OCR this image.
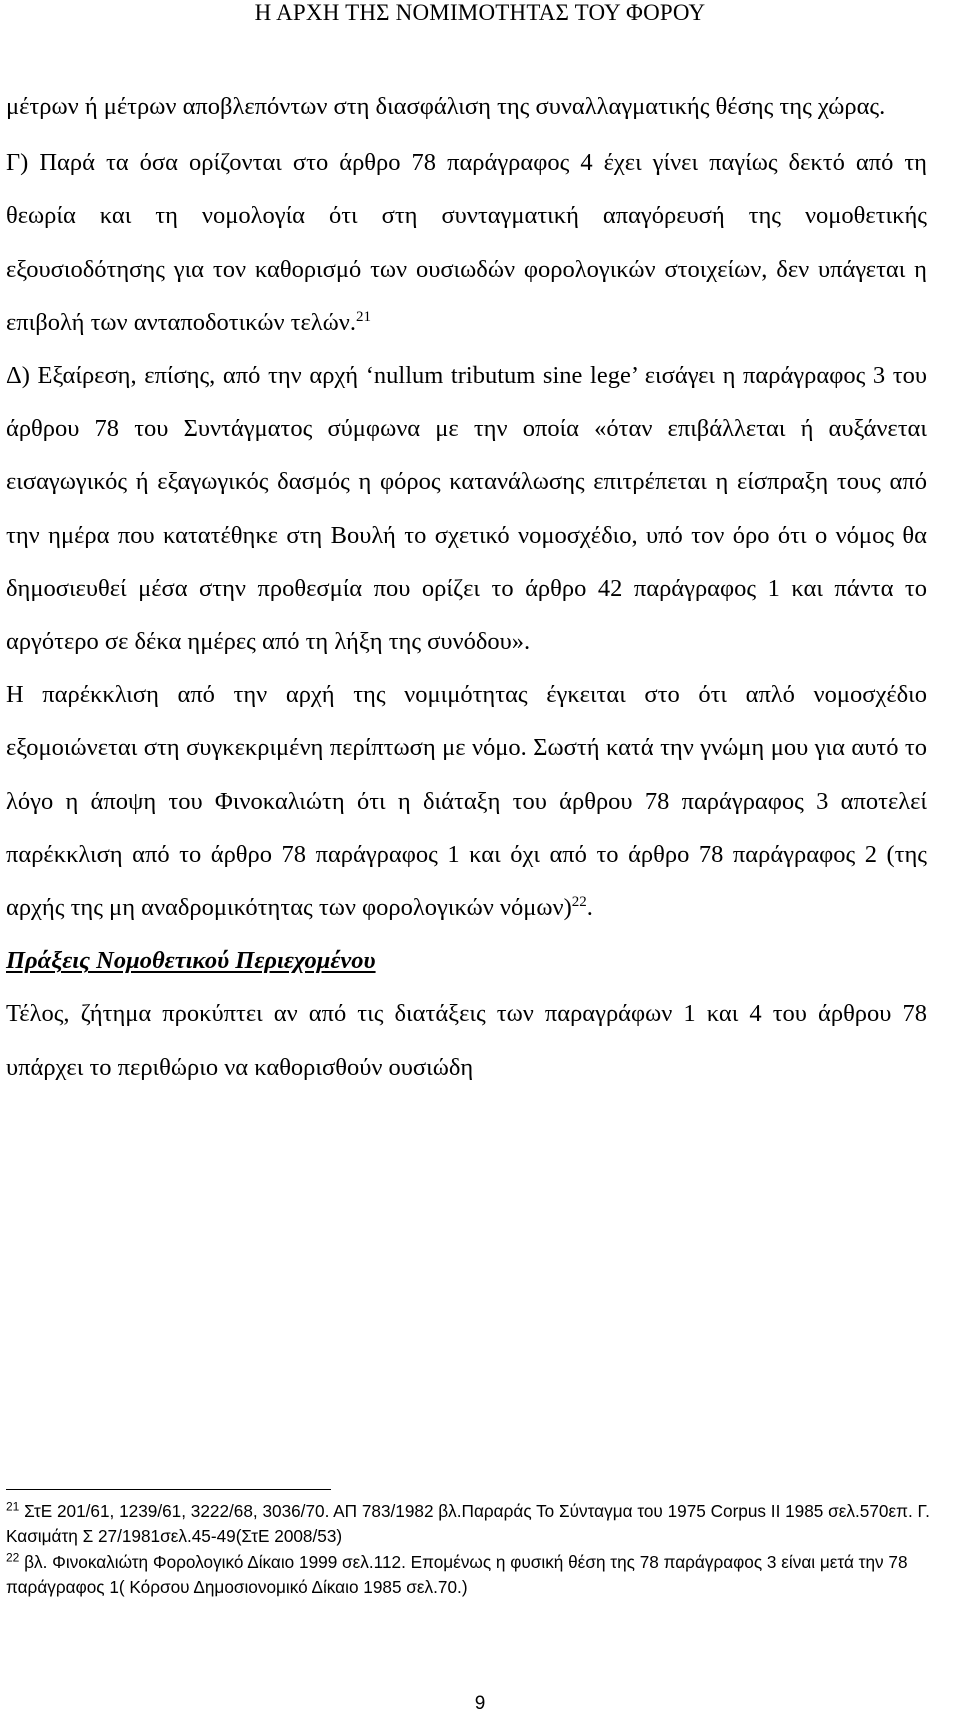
Η ΑΡΧΗ ΤΗΣ ΝΟΜΙΜΟΤΗΤΑΣ ΤΟΥ ΦΟΡΟΥ

μέτρων ή μέτρων αποβλεπόντων στη διασφάλιση της συναλλαγματικής θέσης της χώρας.

Γ) Παρά τα όσα ορίζονται στο άρθρο 78 παράγραφος 4 έχει γίνει παγίως δεκτό από τη θεωρία και τη νομολογία ότι στη συνταγματική απαγόρευσή της νομοθετικής εξουσιοδότησης για τον καθορισμό των ουσιωδών φορολογικών στοιχείων, δεν υπάγεται η επιβολή των ανταποδοτικών τελών.$^{21}$

Δ) Εξαίρεση, επίσης, από την αρχή ‘nullum tributum sine lege’ εισάγει η παράγραφος 3 του άρθρου 78 του Συντάγματος σύμφωνα με την οποία «όταν επιβάλλεται ή αυξάνεται εισαγωγικός ή εξαγωγικός δασμός η φόρος κατανάλωσης επιτρέπεται η είσπραξη τους από την ημέρα που κατατέθηκε στη Βουλή το σχετικό νομοσχέδιο, υπό τον όρο ότι ο νόμος θα δημοσιευθεί μέσα στην προθεσμία που ορίζει το άρθρο 42 παράγραφος 1 και πάντα το αργότερο σε δέκα ημέρες από τη λήξη της συνόδου».

Η παρέκκλιση από την αρχή της νομιμότητας έγκειται στο ότι απλό νομοσχέδιο εξομοιώνεται στη συγκεκριμένη περίπτωση με νόμο. Σωστή κατά την γνώμη μου για αυτό το λόγο η άποψη του Φινοκαλιώτη ότι η διάταξη του άρθρου 78 παράγραφος 3 αποτελεί παρέκκλιση από το άρθρο 78 παράγραφος 1 και όχι από το άρθρο 78 παράγραφος 2 (της αρχής της μη αναδρομικότητας των φορολογικών νόμων)$^{22}$.

Πράξεις Νομοθετικού Περιεχομένου

Τέλος, ζήτημα προκύπτει αν από τις διατάξεις των παραγράφων 1 και 4 του άρθρου 78 υπάρχει το περιθώριο να καθορισθούν ουσιώδη

$^{21}$ ΣτΕ 201/61, 1239/61, 3222/68, 3036/70. ΑΠ 783/1982 βλ.Παραράς Το Σύνταγμα του 1975 Corpus ΙΙ 1985 σελ.570επ. Γ. Κασιμάτη Σ 27/1981σελ.45-49(ΣτΕ 2008/53)

$^{22}$ βλ. Φινοκαλιώτη Φορολογικό Δίκαιο 1999 σελ.112. Επομένως η φυσική θέση της 78 παράγραφος 3 είναι μετά την 78 παράγραφος 1( Κόρσου Δημοσιονομικό Δίκαιο 1985 σελ.70.)

9
